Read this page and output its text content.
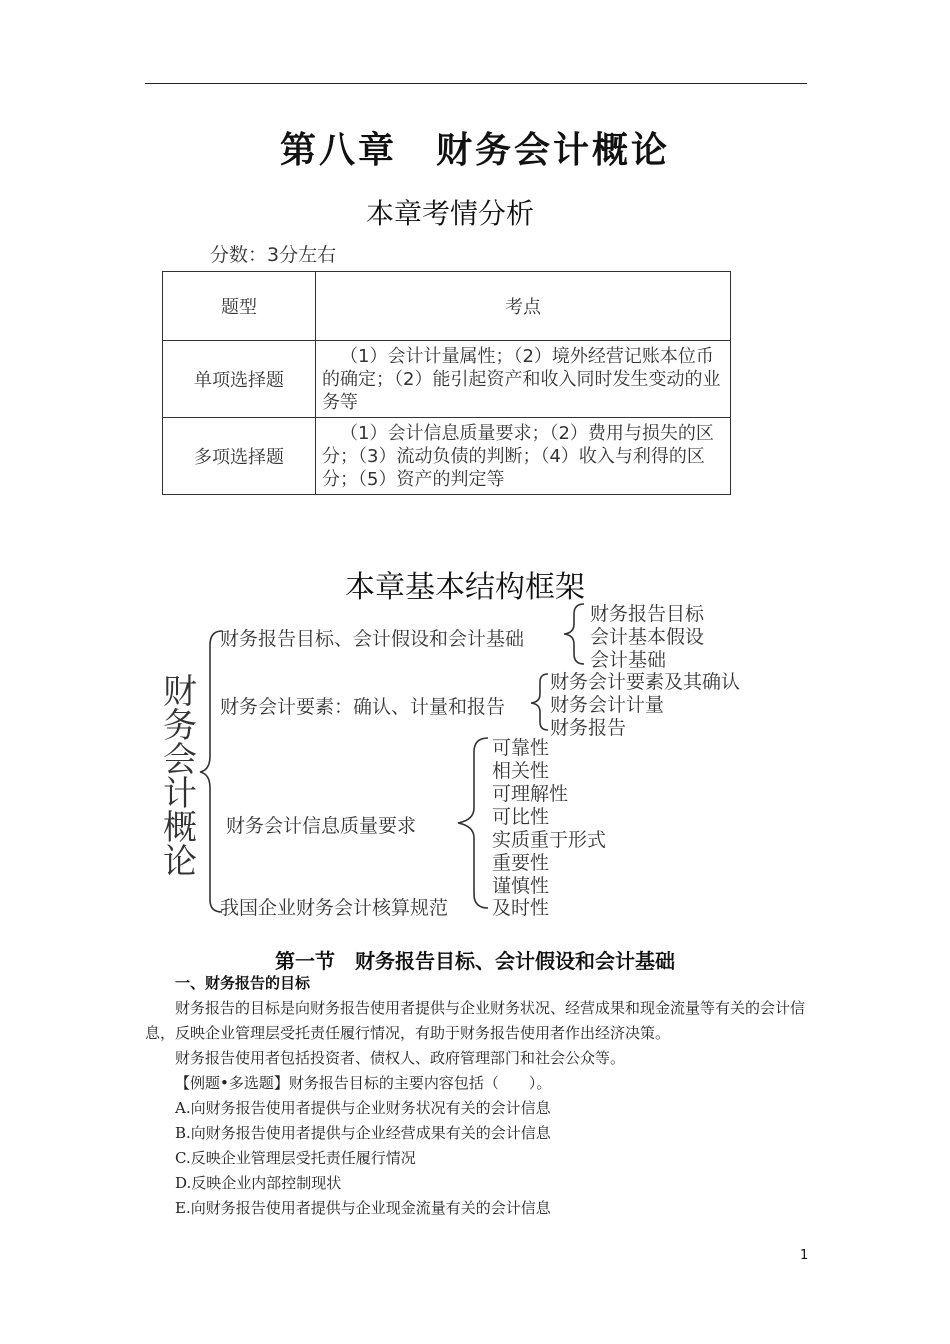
第八章　财务会计概论
本章考情分析
分数：3分左右
题型	考点
单项选择题	（1）会计计量属性；（2）境外经营记账本位币的确定；（2）能引起资产和收入同时发生变动的业务等
多项选择题	（1）会计信息质量要求；（2）费用与损失的区分；（3）流动负债的判断；（4）收入与利得的区分；（5）资产的判定等
本章基本结构框架
财
务
会
计
概
论
财务报告目标、会计假设和会计基础
财务会计要素：确认、计量和报告
财务会计信息质量要求
我国企业财务会计核算规范
财务报告目标
会计基本假设
会计基础
财务会计要素及其确认
财务会计计量
财务报告
可靠性
相关性
可理解性
可比性
实质重于形式
重要性
谨慎性
及时性
第一节　财务报告目标、会计假设和会计基础
一、财务报告的目标
财务报告的目标是向财务报告使用者提供与企业财务状况、经营成果和现金流量等有关的会计信息，反映企业管理层受托责任履行情况，有助于财务报告使用者作出经济决策。
财务报告使用者包括投资者、债权人、政府管理部门和社会公众等。
【例题•多选题】财务报告目标的主要内容包括（　　）。
A.向财务报告使用者提供与企业财务状况有关的会计信息
B.向财务报告使用者提供与企业经营成果有关的会计信息
C.反映企业管理层受托责任履行情况
D.反映企业内部控制现状
E.向财务报告使用者提供与企业现金流量有关的会计信息
1
